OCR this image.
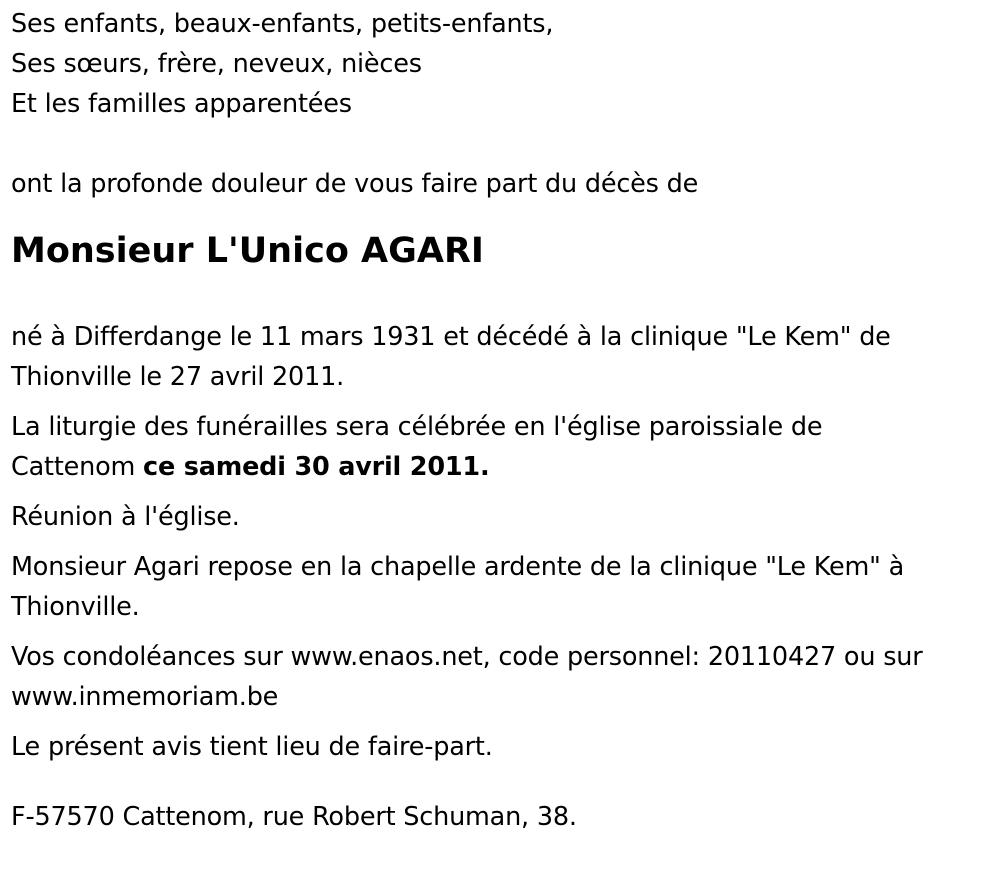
Ses enfants, beaux-enfants, petits-enfants,
Ses sœurs, frère, neveux, nièces
Et les familles apparentées
ont la profonde douleur de vous faire part du décès de
Monsieur L'Unico AGARI
né à Differdange le 11 mars 1931 et décédé à la clinique "Le Kem" de
Thionville le 27 avril 2011.
La liturgie des funérailles sera célébrée en l'église paroissiale de
Cattenom ce samedi 30 avril 2011.
Réunion à l'église.
Monsieur Agari repose en la chapelle ardente de la clinique "Le Kem" à
Thionville.
Vos condoléances sur www.enaos.net, code personnel: 20110427 ou sur
www.inmemoriam.be
Le présent avis tient lieu de faire-part.
F-57570 Cattenom, rue Robert Schuman, 38.
